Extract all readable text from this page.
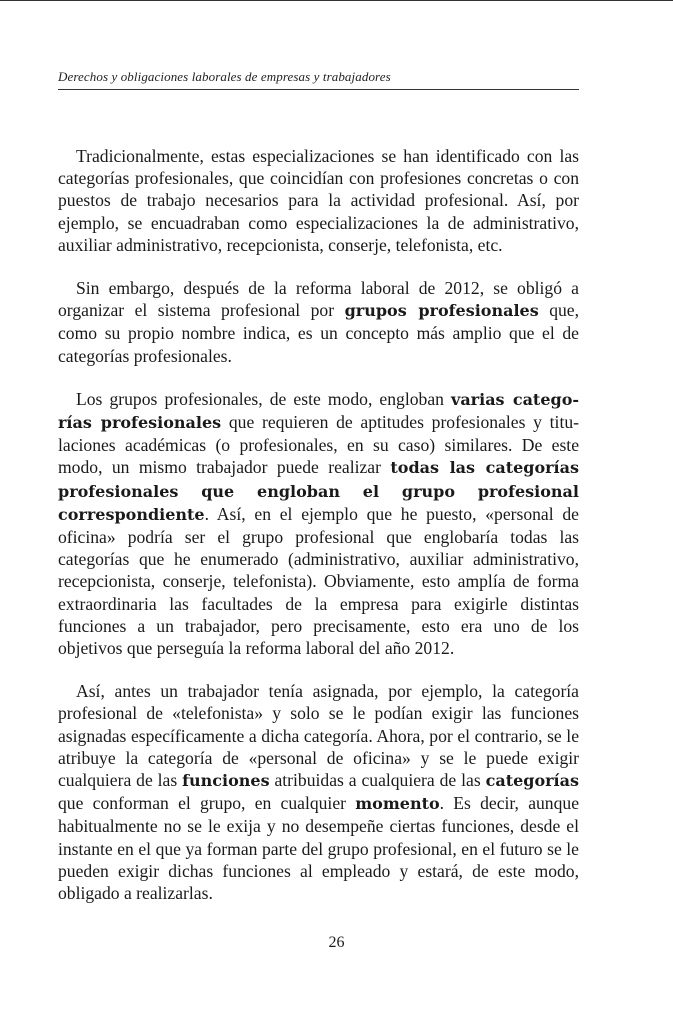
Derechos y obligaciones laborales de empresas y trabajadores

Tradicionalmente, estas especializaciones se han identificado con las categorías profesionales, que coincidían con profesiones concretas o con puestos de trabajo necesarios para la actividad profesional. Así, por ejemplo, se encuadraban como especializaciones la de administrativo, auxiliar administrativo, recepcionista, conserje, telefonista, etc.

Sin embargo, después de la reforma laboral de 2012, se obligó a organizar el sistema profesional por grupos profesionales que, como su propio nombre indica, es un concepto más amplio que el de categorías profesionales.

Los grupos profesionales, de este modo, engloban varias categorías profesionales que requieren de aptitudes profesionales y titulaciones académicas (o profesionales, en su caso) similares. De este modo, un mismo trabajador puede realizar todas las categorías profesionales que engloban el grupo profesional correspondiente. Así, en el ejemplo que he puesto, «personal de oficina» podría ser el grupo profesional que englobaría todas las categorías que he enumerado (administrativo, auxiliar administrativo, recepcionista, conserje, telefonista). Obviamente, esto amplía de forma extraordinaria las facultades de la empresa para exigirle distintas funciones a un trabajador, pero precisamente, esto era uno de los objetivos que perseguía la reforma laboral del año 2012.

Así, antes un trabajador tenía asignada, por ejemplo, la categoría profesional de «telefonista» y solo se le podían exigir las funciones asignadas específicamente a dicha categoría. Ahora, por el contrario, se le atribuye la categoría de «personal de oficina» y se le puede exigir cualquiera de las funciones atribuidas a cualquiera de las categorías que conforman el grupo, en cualquier momento. Es decir, aunque habitualmente no se le exija y no desempeñe ciertas funciones, desde el instante en el que ya forman parte del grupo profesional, en el futuro se le pueden exigir dichas funciones al empleado y estará, de este modo, obligado a realizarlas.

26
